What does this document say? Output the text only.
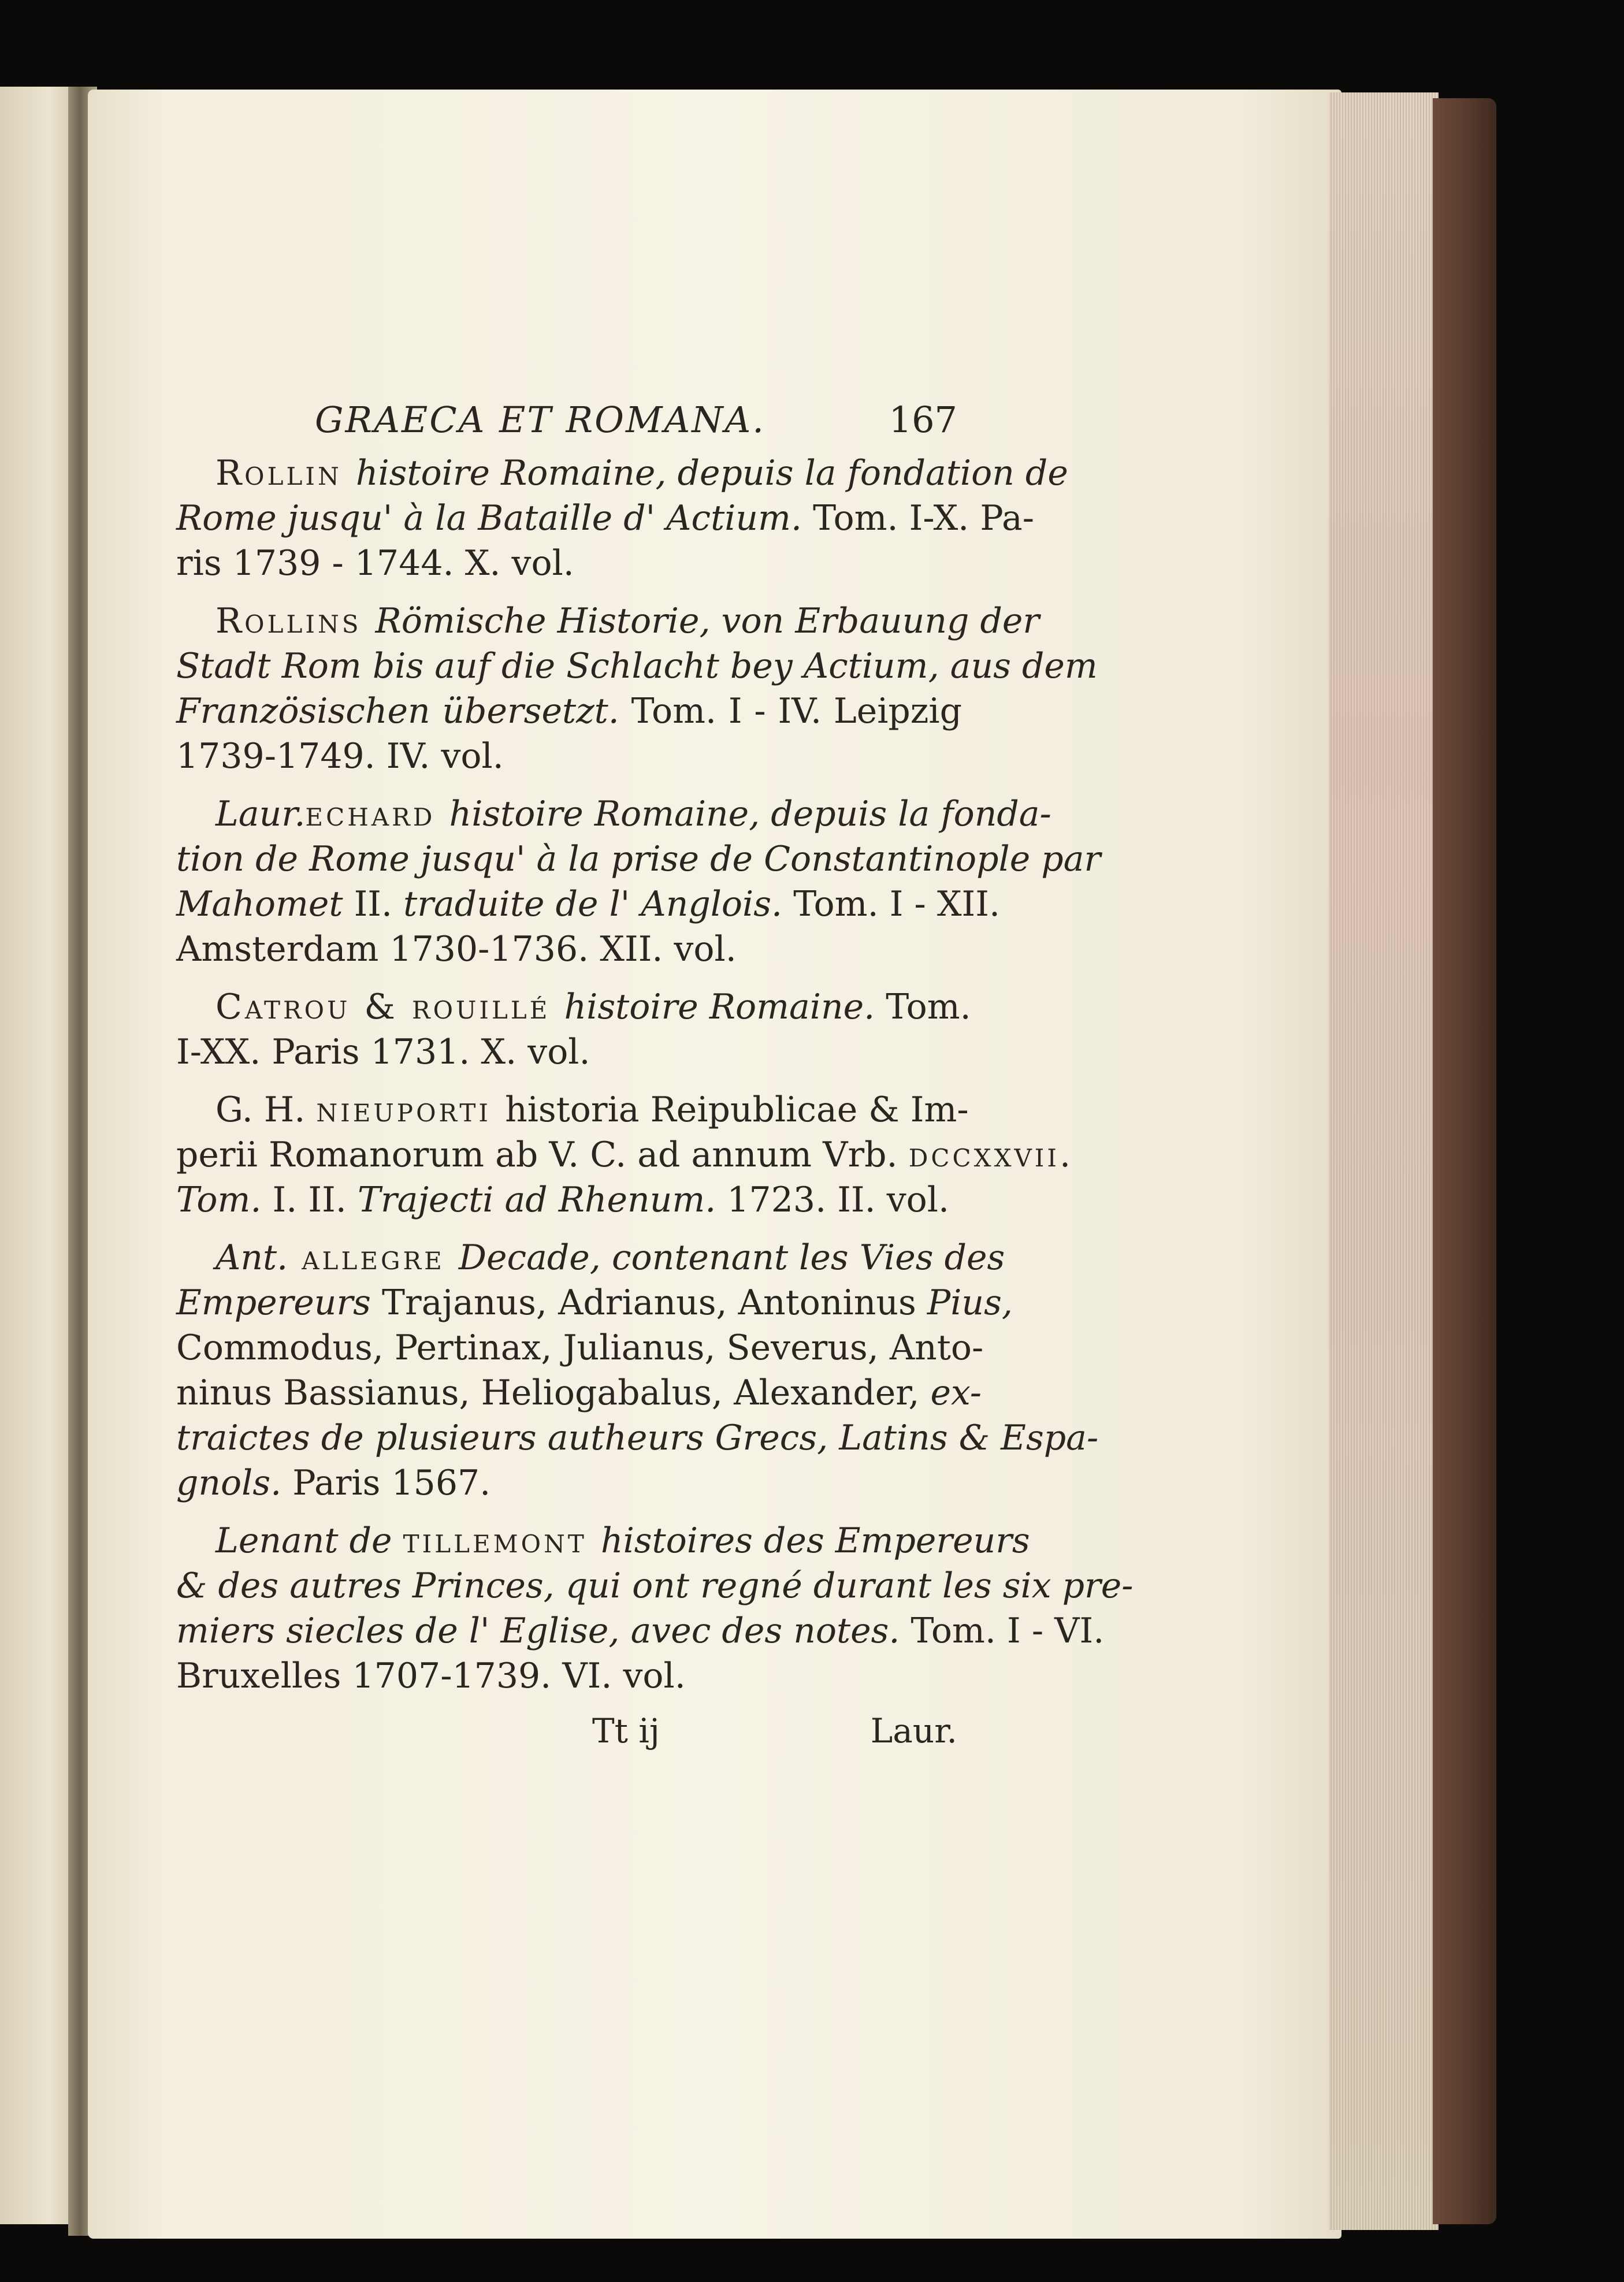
GRAECA ET ROMANA.	167
Rollin histoire Romaine, depuis la fondation de
Rome jusqu' à la Bataille d' Actium. Tom. I-X. Pa-
ris 1739 - 1744. X. vol.
Rollins Römische Historie, von Erbauung der
Stadt Rom bis auf die Schlacht bey Actium, aus dem
Französischen übersetzt. Tom. I - IV. Leipzig
1739-1749. IV. vol.
Laur.echard histoire Romaine, depuis la fonda-
tion de Rome jusqu' à la prise de Constantinople par
Mahomet II. traduite de l' Anglois. Tom. I - XII.
Amsterdam 1730-1736. XII. vol.
Catrou & rouillé histoire Romaine. Tom.
I-XX. Paris 1731. X. vol.
G. H. nieuporti historia Reipublicae & Im-
perii Romanorum ab V. C. ad annum Vrb. dccxxvii.
Tom. I. II. Trajecti ad Rhenum. 1723. II. vol.
Ant. allegre Decade, contenant les Vies des
Empereurs Trajanus, Adrianus, Antoninus Pius,
Commodus, Pertinax, Julianus, Severus, Anto-
ninus Bassianus, Heliogabalus, Alexander, ex-
traictes de plusieurs autheurs Grecs, Latins & Espa-
gnols. Paris 1567.
Lenant de tillemont histoires des Empereurs
& des autres Princes, qui ont regné durant les six pre-
miers siecles de l' Eglise, avec des notes. Tom. I - VI.
Bruxelles 1707-1739. VI. vol.
Tt ij	Laur.
